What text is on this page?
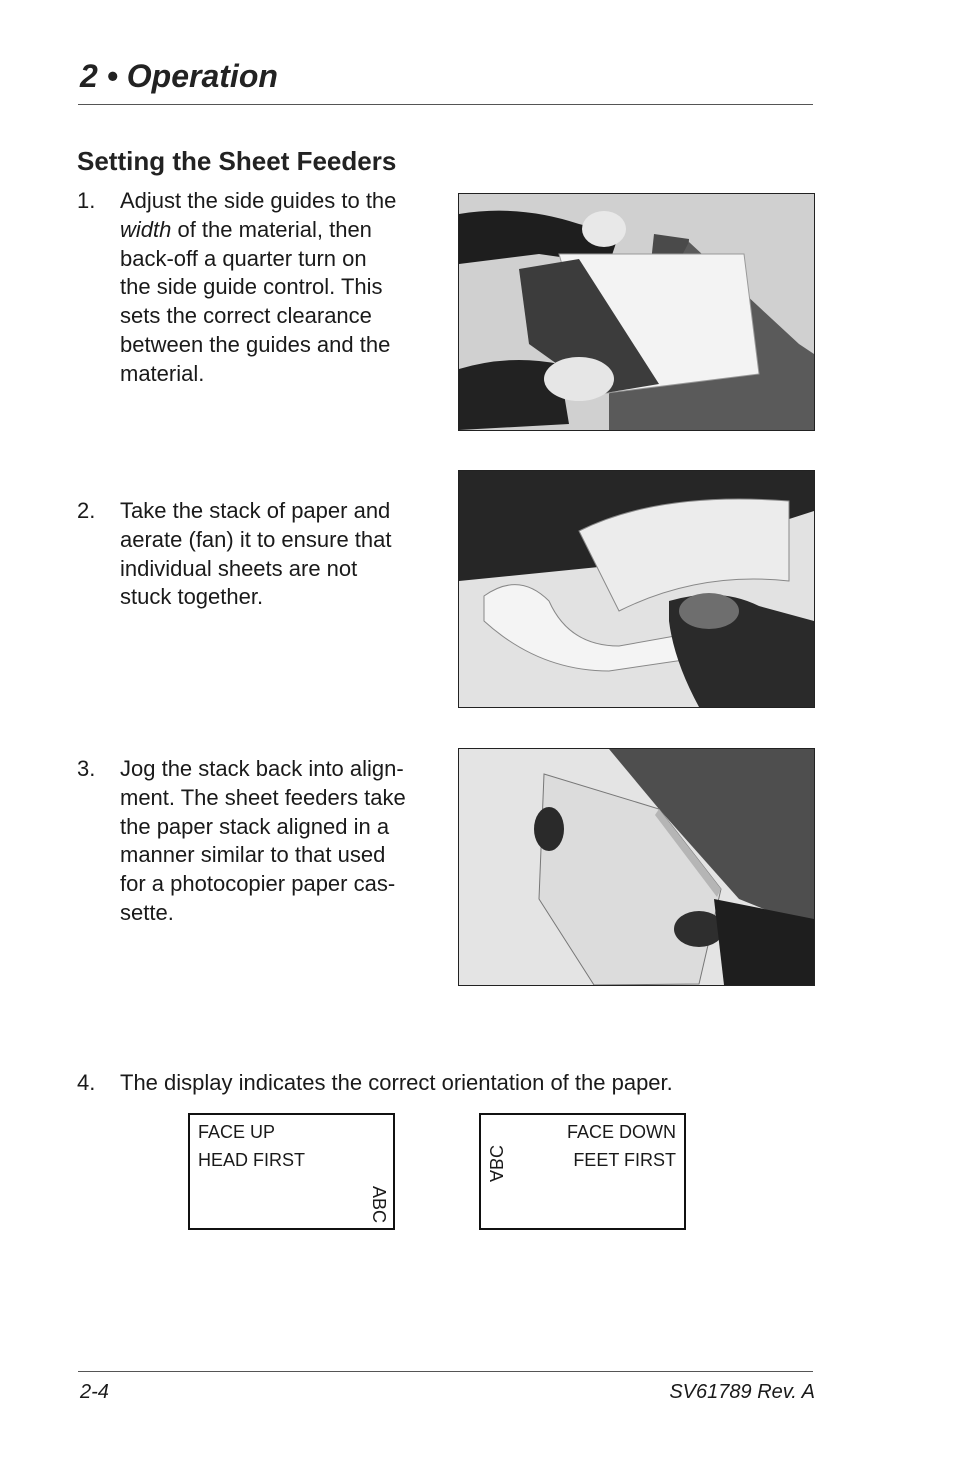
2 • Operation
Setting the Sheet Feeders
1. Adjust the side guides to the
width of the material, then
back-off a quarter turn on
the side guide control. This
sets the correct clearance
between the guides and the
material.
2. Take the stack of paper and
aerate (fan) it to ensure that
individual sheets are not
stuck together.
3. Jog the stack back into align-
ment. The sheet feeders take
the paper stack aligned in a
manner similar to that used
for a photocopier paper cas-
sette.
4. The display indicates the correct orientation of the paper.
FACE UP
HEAD FIRST
ABC
FACE DOWN
FEET FIRST
ABC
2-4	SV61789 Rev. A
